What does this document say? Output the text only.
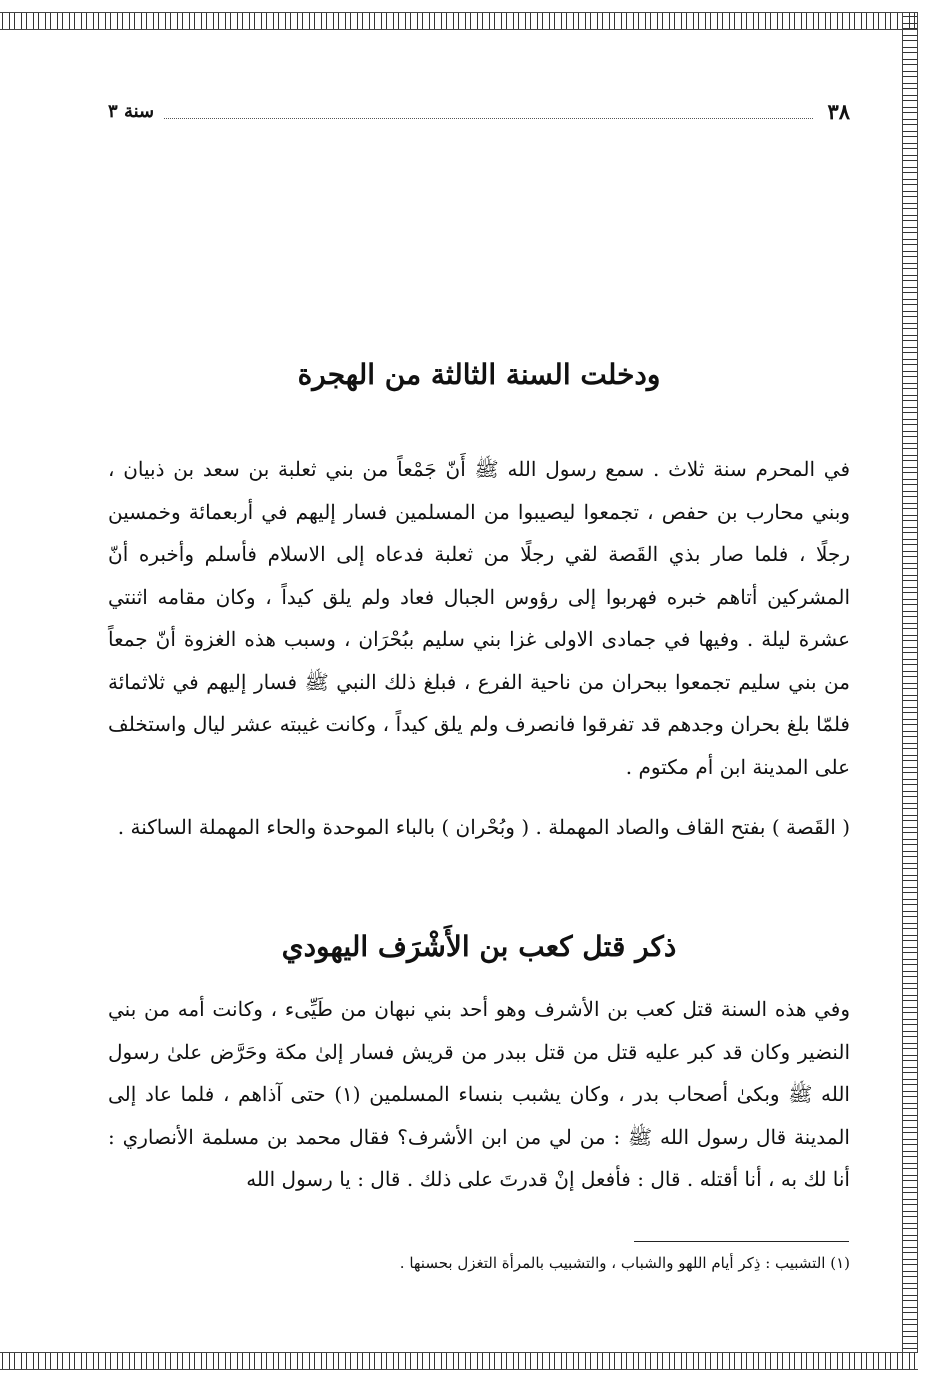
٣٨
سنة ٣
ودخلت السنة الثالثة من الهجرة

في المحرم سنة ثلاث . سمع رسول الله ﷺ أَنّ جَمْعاً من بني ثعلبة بن سعد بن ذبيان ، وبني محارب بن حفص ، تجمعوا ليصيبوا من المسلمين فسار إليهم في أربعمائة وخمسين رجلًا ، فلما صار بذي القَصة لقي رجلًا من ثعلبة فدعاه إلى الاسلام فأسلم وأخبره أنّ المشركين أتاهم خبره فهربوا إلى رؤوس الجبال فعاد ولم يلق كيداً ، وكان مقامه اثنتي عشرة ليلة . وفيها في جمادى الاولى غزا بني سليم ببُحْرَان ، وسبب هذه الغزوة أنّ جمعاً من بني سليم تجمعوا ببحران من ناحية الفرع ، فبلغ ذلك النبي ﷺ فسار إليهم في ثلاثمائة فلمّا بلغ بحران وجدهم قد تفرقوا فانصرف ولم يلق كيداً ، وكانت غيبته عشر ليال واستخلف على المدينة ابن أم مكتوم .

( القَصة ) بفتح القاف والصاد المهملة . ( وبُحْران ) بالباء الموحدة والحاء المهملة الساكنة .

ذكر قتل كعب بن الأَشْرَف اليهودي

وفي هذه السنة قتل كعب بن الأشرف وهو أحد بني نبهان من طَيِّىء ، وكانت أمه من بني النضير وكان قد كبر عليه قتل من قتل ببدر من قريش فسار إلىٰ مكة وحَرَّض علىٰ رسول الله ﷺ وبكىٰ أصحاب بدر ، وكان يشبب بنساء المسلمين (١) حتى آذاهم ، فلما عاد إلى المدينة قال رسول الله ﷺ : من لي من ابن الأشرف؟ فقال محمد بن مسلمة الأنصاري : أنا لك به ، أنا أقتله . قال : فأفعل إنْ قدرتَ على ذلك . قال : يا رسول الله

(١) التشبيب : ذِكر أيام اللهو والشباب ، والتشبيب بالمرأة التغزل بحسنها .
